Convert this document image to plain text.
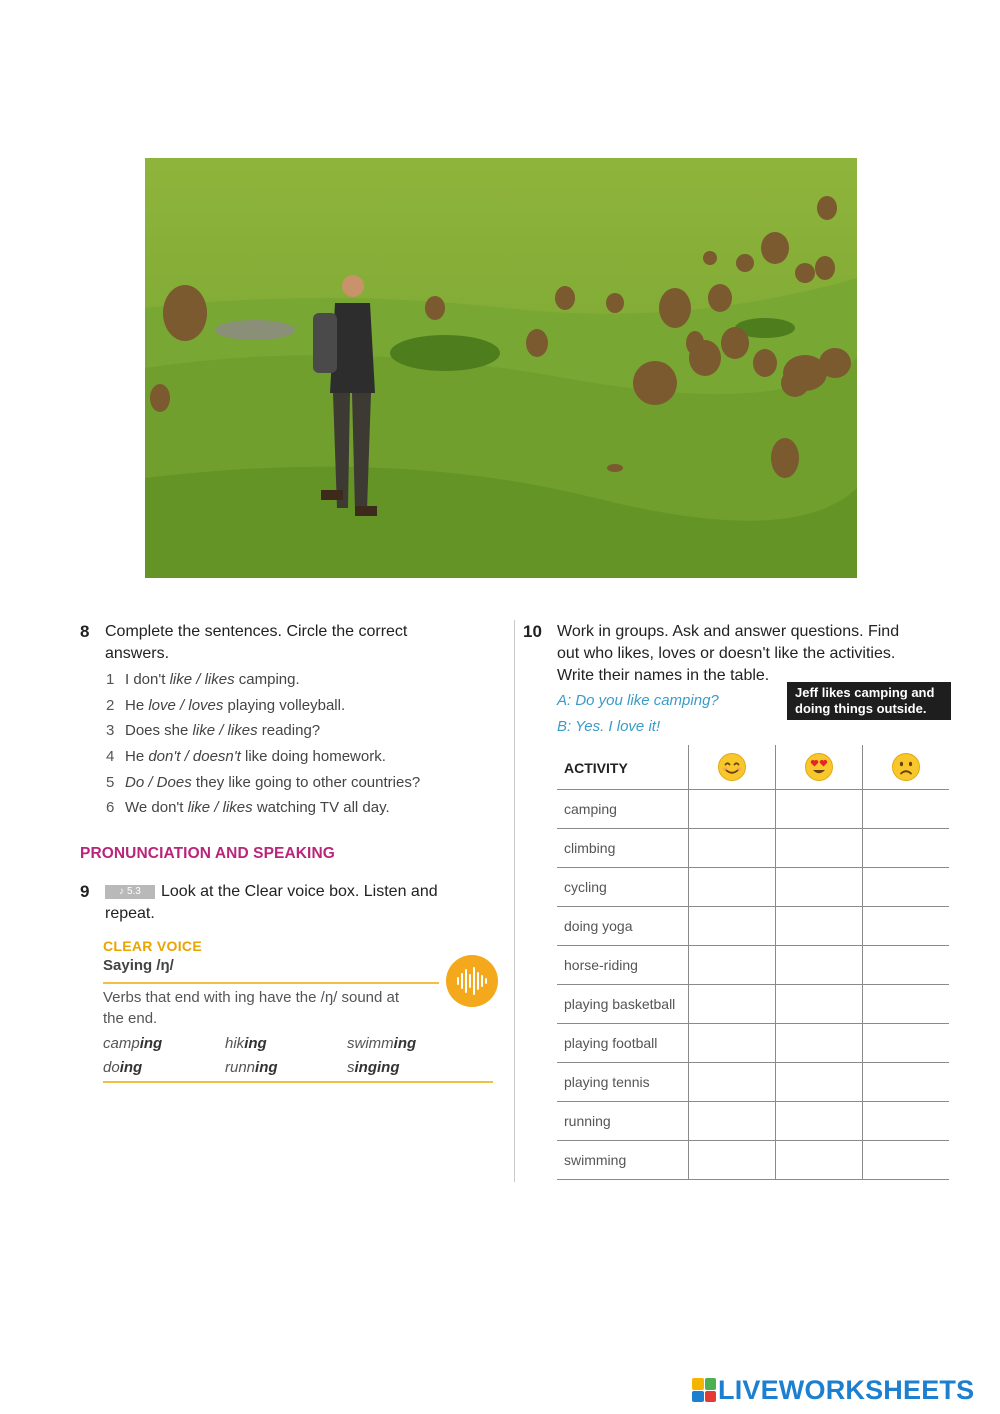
Jeff likes camping and
doing things outside.
8 Complete the sentences. Circle the correct
answers.
1 I don't like / likes camping.
2 He love / loves playing volleyball.
3 Does she like / likes reading?
4 He don't / doesn't like doing homework.
5 Do / Does they like going to other countries?
6 We don't like / likes watching TV all day.
PRONUNCIATION AND SPEAKING
9	♪ 5.3 Look at the Clear voice box. Listen and
repeat.
CLEAR VOICE
Saying /ŋ/
Verbs that end with ing have the /ŋ/ sound at
the end.
camping	hiking	swimming
doing	running	singing
10 Work in groups. Ask and answer questions. Find
out who likes, loves or doesn't like the activities.
Write their names in the table.
A: Do you like camping?
B: Yes. I love it!
ACTIVITY			
camping			
climbing			
cycling			
doing yoga			
horse-riding			
playing basketball			
playing football			
playing tennis			
running			
swimming			
LIVEWORKSHEETS
